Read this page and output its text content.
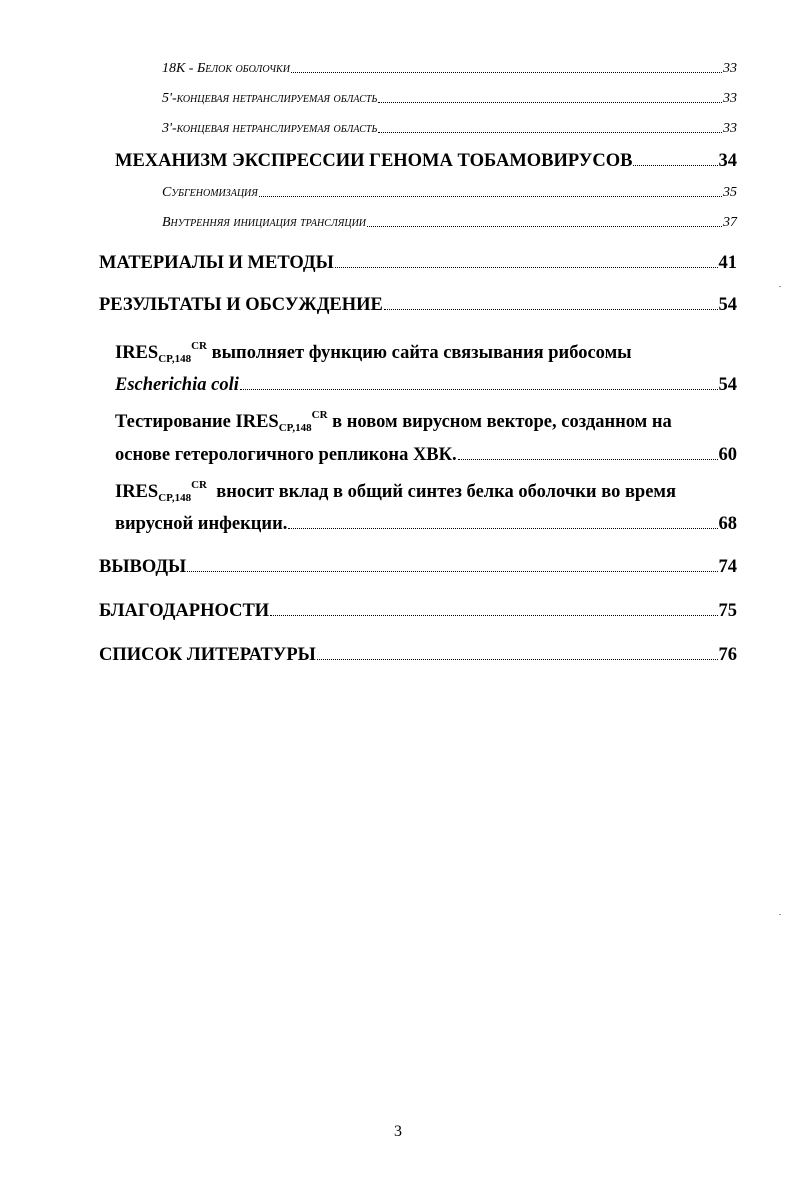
18К - Белок оболочки	33
5'-концевая нетранслируемая область	33
3'-концевая нетранслируемая область	33
МЕХАНИЗМ ЭКСПРЕССИИ ГЕНОМА ТОБАМОВИРУСОВ	34
Субгеномизация	35
Внутренняя инициация трансляции	37
МАТЕРИАЛЫ И МЕТОДЫ	41
РЕЗУЛЬТАТЫ И ОБСУЖДЕНИЕ	54
$IRES_{CP,148}^{CR}$ выполняет функцию сайта связывания рибосомы
Escherichia coli	54
Тестирование $IRES_{CP,148}^{CR}$ в новом вирусном векторе, созданном на
основе гетерологичного репликона ХВК.	60
$IRES_{CP,148}^{CR}$  вносит вклад в общий синтез белка оболочки во время
вирусной инфекции.	68
ВЫВОДЫ	74
БЛАГОДАРНОСТИ	75
СПИСОК ЛИТЕРАТУРЫ	76
3
